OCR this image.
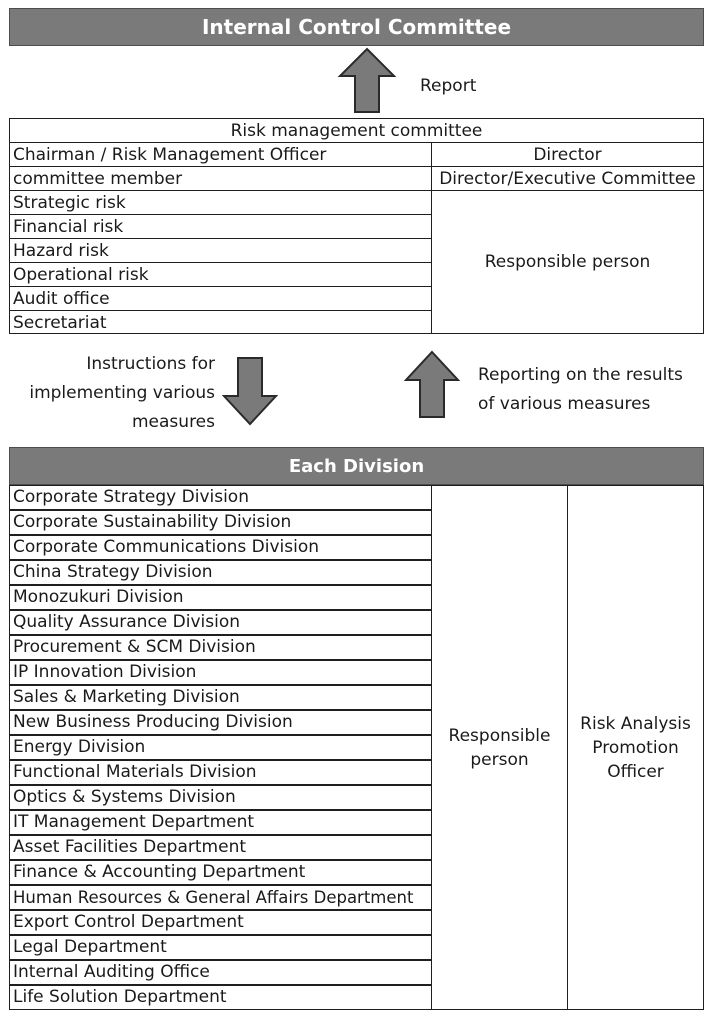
Internal Control Committee
Report
Risk management committee
Chairman / Risk Management Officer	Director
committee member	Director/Executive Committee
Strategic risk
Financial risk
Hazard risk
Operational risk
Audit office
Secretariat
Responsible person
Instructions for
implementing various
measures
Reporting on the results
of various measures
Each Division
Corporate Strategy Division
Corporate Sustainability Division
Corporate Communications Division
China Strategy Division
Monozukuri Division
Quality Assurance Division
Procurement & SCM Division
IP Innovation Division
Sales & Marketing Division
New Business Producing Division
Energy Division
Functional Materials Division
Optics & Systems Division
IT Management Department
Asset Facilities Department
Finance & Accounting Department
Human Resources & General Affairs Department
Export Control Department
Legal Department
Internal Auditing Office
Life Solution Department
Responsible
person
Risk Analysis
Promotion
Officer
